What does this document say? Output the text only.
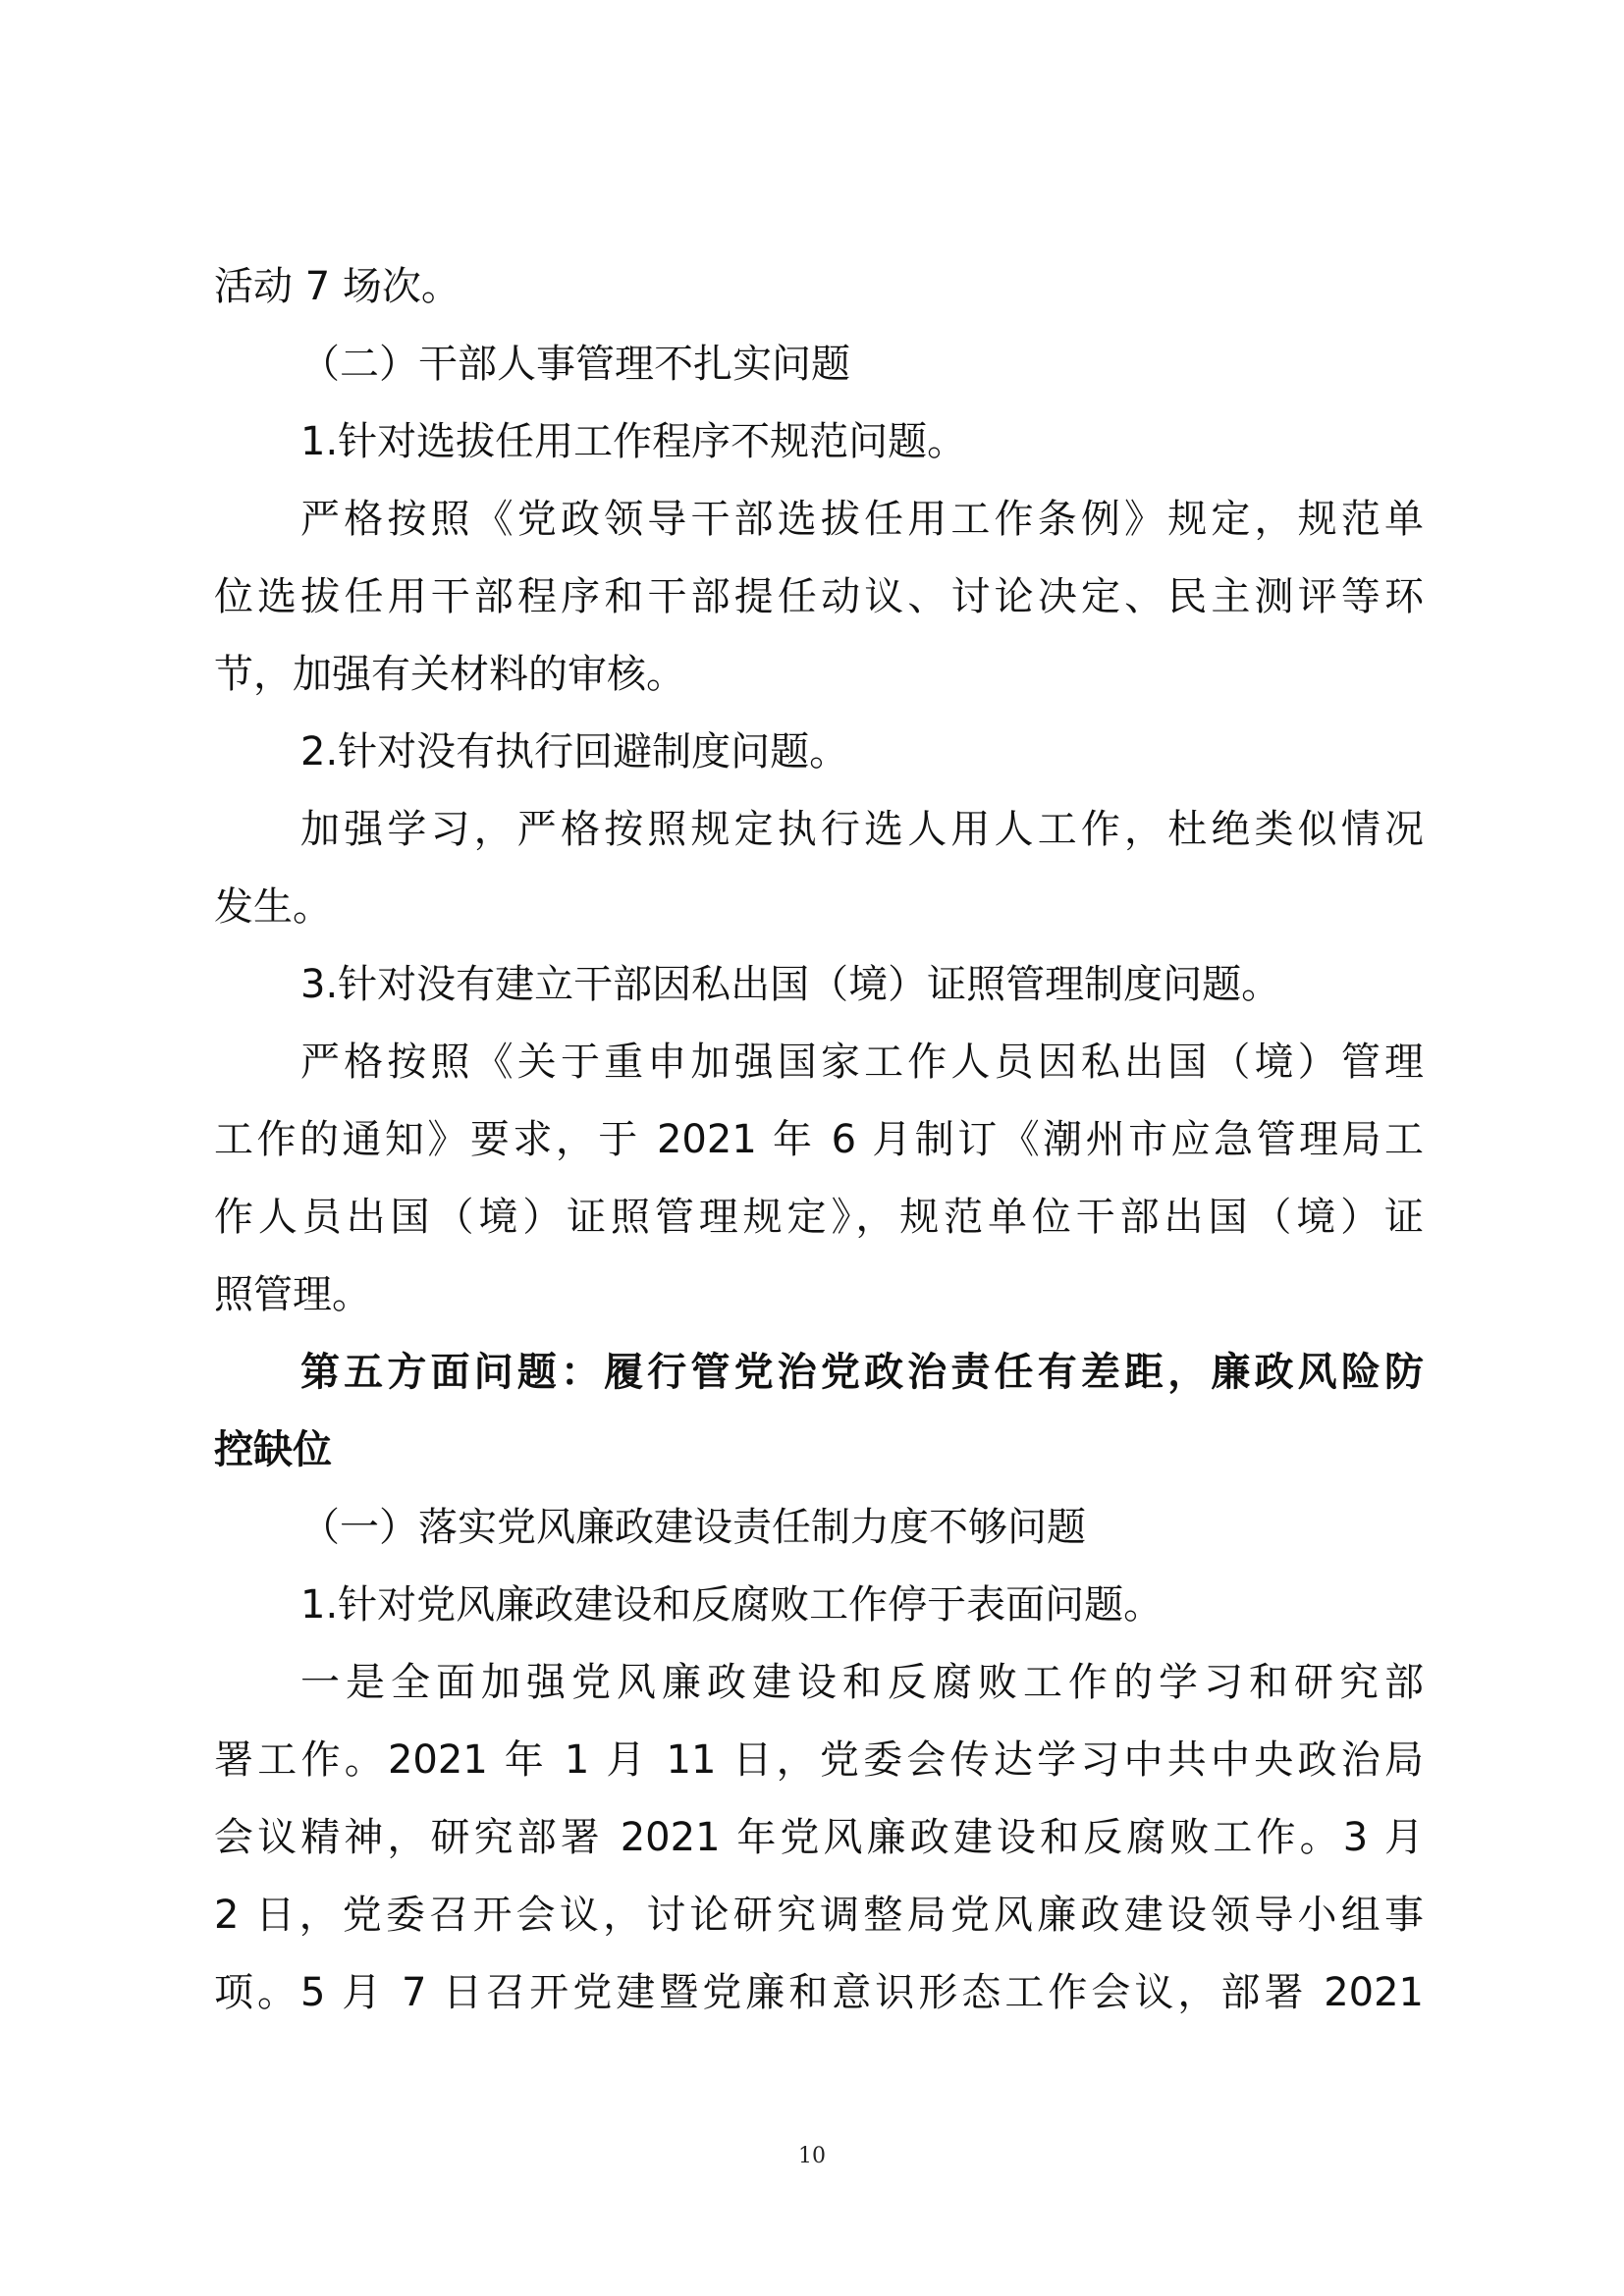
活动 7 场次。
（二）干部人事管理不扎实问题
1.针对选拔任用工作程序不规范问题。
严格按照《党政领导干部选拔任用工作条例》规定，规范单
位选拔任用干部程序和干部提任动议、讨论决定、民主测评等环
节，加强有关材料的审核。
2.针对没有执行回避制度问题。
加强学习，严格按照规定执行选人用人工作，杜绝类似情况
发生。
3.针对没有建立干部因私出国（境）证照管理制度问题。
严格按照《关于重申加强国家工作人员因私出国（境）管理
工作的通知》要求，于 2021 年 6 月制订《潮州市应急管理局工
作人员出国（境）证照管理规定》，规范单位干部出国（境）证
照管理。
第五方面问题：履行管党治党政治责任有差距，廉政风险防
控缺位
（一）落实党风廉政建设责任制力度不够问题
1.针对党风廉政建设和反腐败工作停于表面问题。
一是全面加强党风廉政建设和反腐败工作的学习和研究部
署工作。2021 年 1 月 11 日，党委会传达学习中共中央政治局
会议精神，研究部署 2021 年党风廉政建设和反腐败工作。3 月
2 日，党委召开会议，讨论研究调整局党风廉政建设领导小组事
项。5 月 7 日召开党建暨党廉和意识形态工作会议，部署 2021
10
